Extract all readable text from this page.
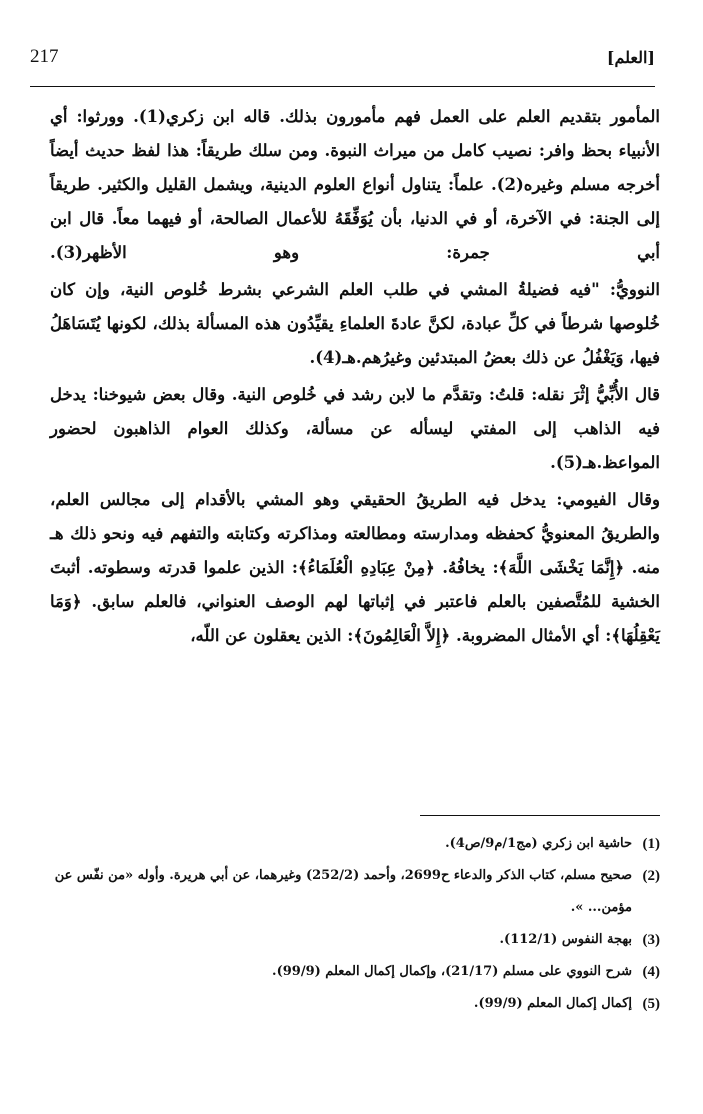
217	[العلم]

المأمور بتقديم العلم على العمل فهم مأمورون بذلك. قاله ابن زكري(1). وورثوا: أي الأنبياء بحظ وافر: نصيب كامل من ميراث النبوة. ومن سلك طريقاً: هذا لفظ حديث أيضاً أخرجه مسلم وغيره(2). علماً: يتناول أنواع العلوم الدينية، ويشمل القليل والكثير. طريقاً إلى الجنة: في الآخرة، أو في الدنيا، بأن يُوَفِّقَهُ للأعمال الصالحة، أو فيهما معاً. قال ابن أبي جمرة: وهو الأظهر(3).

النوويُّ: "فيه فضيلةُ المشي في طلب العلم الشرعي بشرط خُلوص النية، وإن كان خُلوصها شرطاً في كلِّ عبادة، لكنَّ عادةَ العلماءِ يقيِّدُون هذه المسألة بذلك، لكونها يُتَسَاهَلُ فيها، وَيَغْفُلُ عن ذلك بعضُ المبتدئين وغيرُهم.هـ(4).

قال الأُبِّيُّ إثْرَ نقله: قلتُ: وتقدَّم ما لابن رشد في خُلوص النية. وقال بعض شيوخنا: يدخل فيه الذاهب إلى المفتي ليسأله عن مسألة، وكذلك العوام الذاهبون لحضور المواعظ.هـ(5).

وقال الفيومي: يدخل فيه الطريقُ الحقيقي وهو المشي بالأقدام إلى مجالس العلم، والطريقُ المعنويُّ كحفظه ومدارسته ومطالعته ومذاكرته وكتابته والتفهم فيه ونحو ذلك هـ منه. ﴿إِنَّمَا يَخْشَى اللَّهَ﴾: يخافُهُ. ﴿مِنْ عِبَادِهِ الْعُلَمَاءُ﴾: الذين علموا قدرته وسطوته. أثبتَ الخشية للمُتَّصفين بالعلم فاعتبر في إثباتها لهم الوصف العنواني، فالعلم سابق. ﴿وَمَا يَعْقِلُهَا﴾: أي الأمثال المضروبة. ﴿إِلاَّ الْعَالِمُونَ﴾: الذين يعقلون عن اللّه،

(1)
حاشية ابن زكري (مج1/م9/ص4).
(2)
صحيح مسلم، كتاب الذكر والدعاء ح2699، وأحمد (252/2) وغيرهما، عن أبي هريرة. وأوله «من نفّس عن مؤمن... ».
(3)
بهجة النفوس (112/1).
(4)
شرح النووي على مسلم (21/17)، وإكمال إكمال المعلم (99/9).
(5)
إكمال إكمال المعلم (99/9).
